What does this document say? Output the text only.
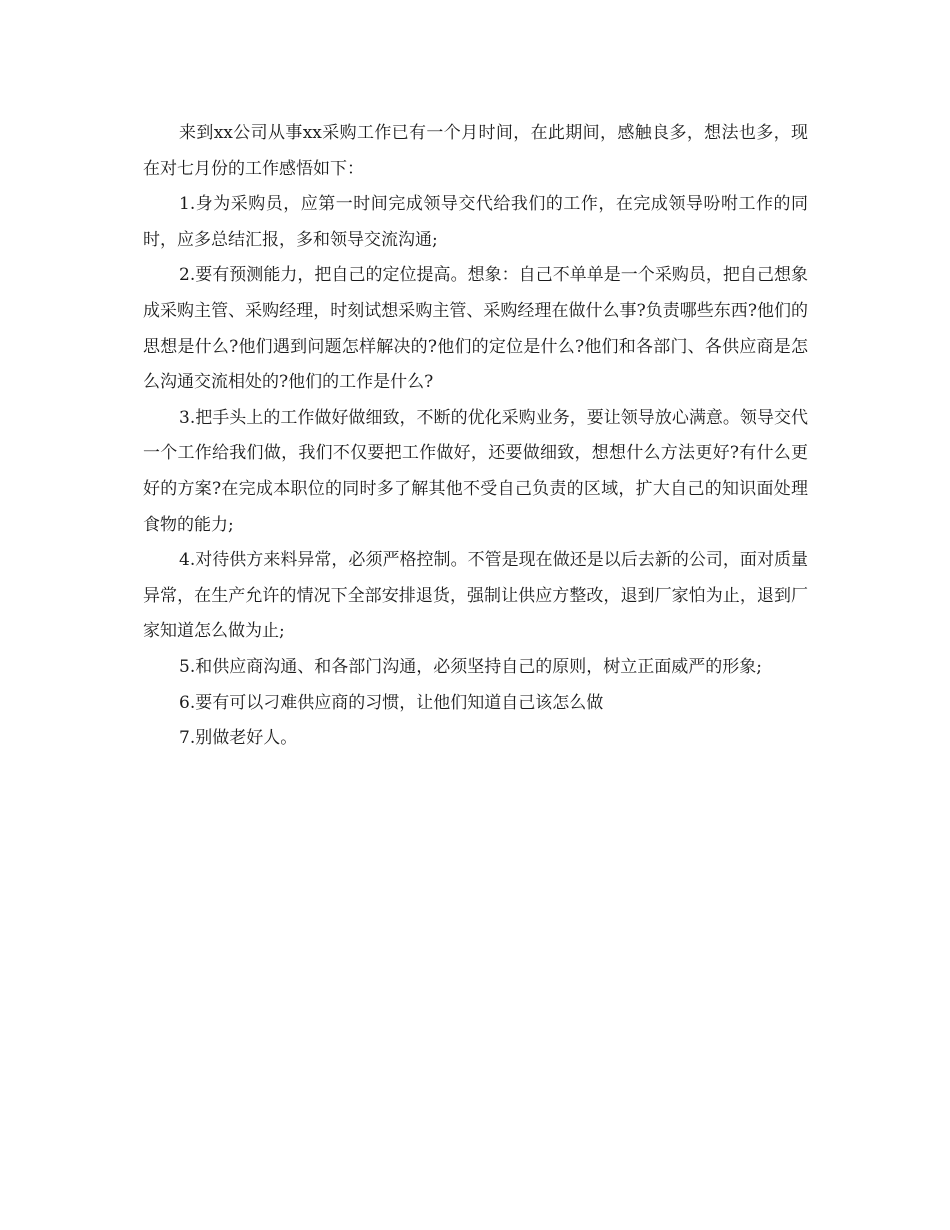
来到xx公司从事xx采购工作已有一个月时间，在此期间，感触良多，想法也多，现在对七月份的工作感悟如下：

1.身为采购员，应第一时间完成领导交代给我们的工作，在完成领导吩咐工作的同时，应多总结汇报，多和领导交流沟通;

2.要有预测能力，把自己的定位提高。想象：自己不单单是一个采购员，把自己想象成采购主管、采购经理，时刻试想采购主管、采购经理在做什么事?负责哪些东西?他们的思想是什么?他们遇到问题怎样解决的?他们的定位是什么?他们和各部门、各供应商是怎么沟通交流相处的?他们的工作是什么?

3.把手头上的工作做好做细致，不断的优化采购业务，要让领导放心满意。领导交代一个工作给我们做，我们不仅要把工作做好，还要做细致，想想什么方法更好?有什么更好的方案?在完成本职位的同时多了解其他不受自己负责的区域，扩大自己的知识面处理食物的能力;

4.对待供方来料异常，必须严格控制。不管是现在做还是以后去新的公司，面对质量异常，在生产允许的情况下全部安排退货，强制让供应方整改，退到厂家怕为止，退到厂家知道怎么做为止;

5.和供应商沟通、和各部门沟通，必须坚持自己的原则，树立正面威严的形象;

6.要有可以刁难供应商的习惯，让他们知道自己该怎么做

7.别做老好人。
